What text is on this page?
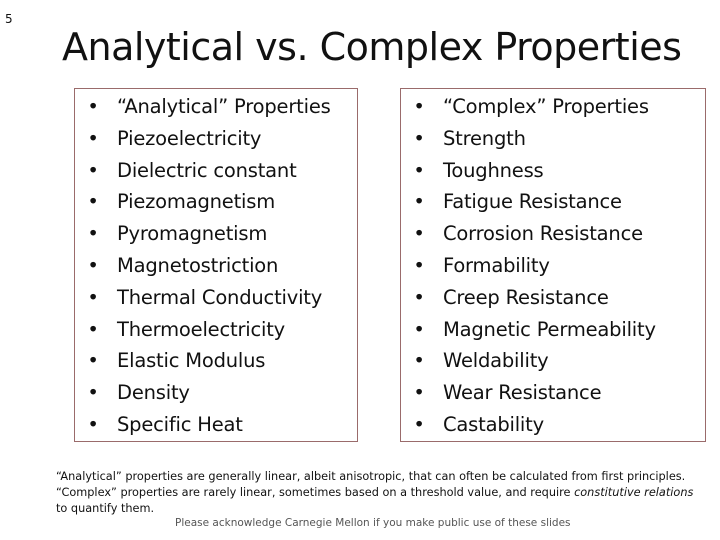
5
Analytical vs. Complex Properties
• “Analytical” Properties
• Piezoelectricity
• Dielectric constant
• Piezomagnetism
• Pyromagnetism
• Magnetostriction
• Thermal Conductivity
• Thermoelectricity
• Elastic Modulus
• Density
• Specific Heat
• “Complex” Properties
• Strength
• Toughness
• Fatigue Resistance
• Corrosion Resistance
• Formability
• Creep Resistance
• Magnetic Permeability
• Weldability
• Wear Resistance
• Castability

“Analytical” properties are generally linear, albeit anisotropic, that can often be calculated from first principles.

“Complex” properties are rarely linear, sometimes based on a threshold value, and require constitutive relations

to quantify them.

Please acknowledge Carnegie Mellon if you make public use of these slides
